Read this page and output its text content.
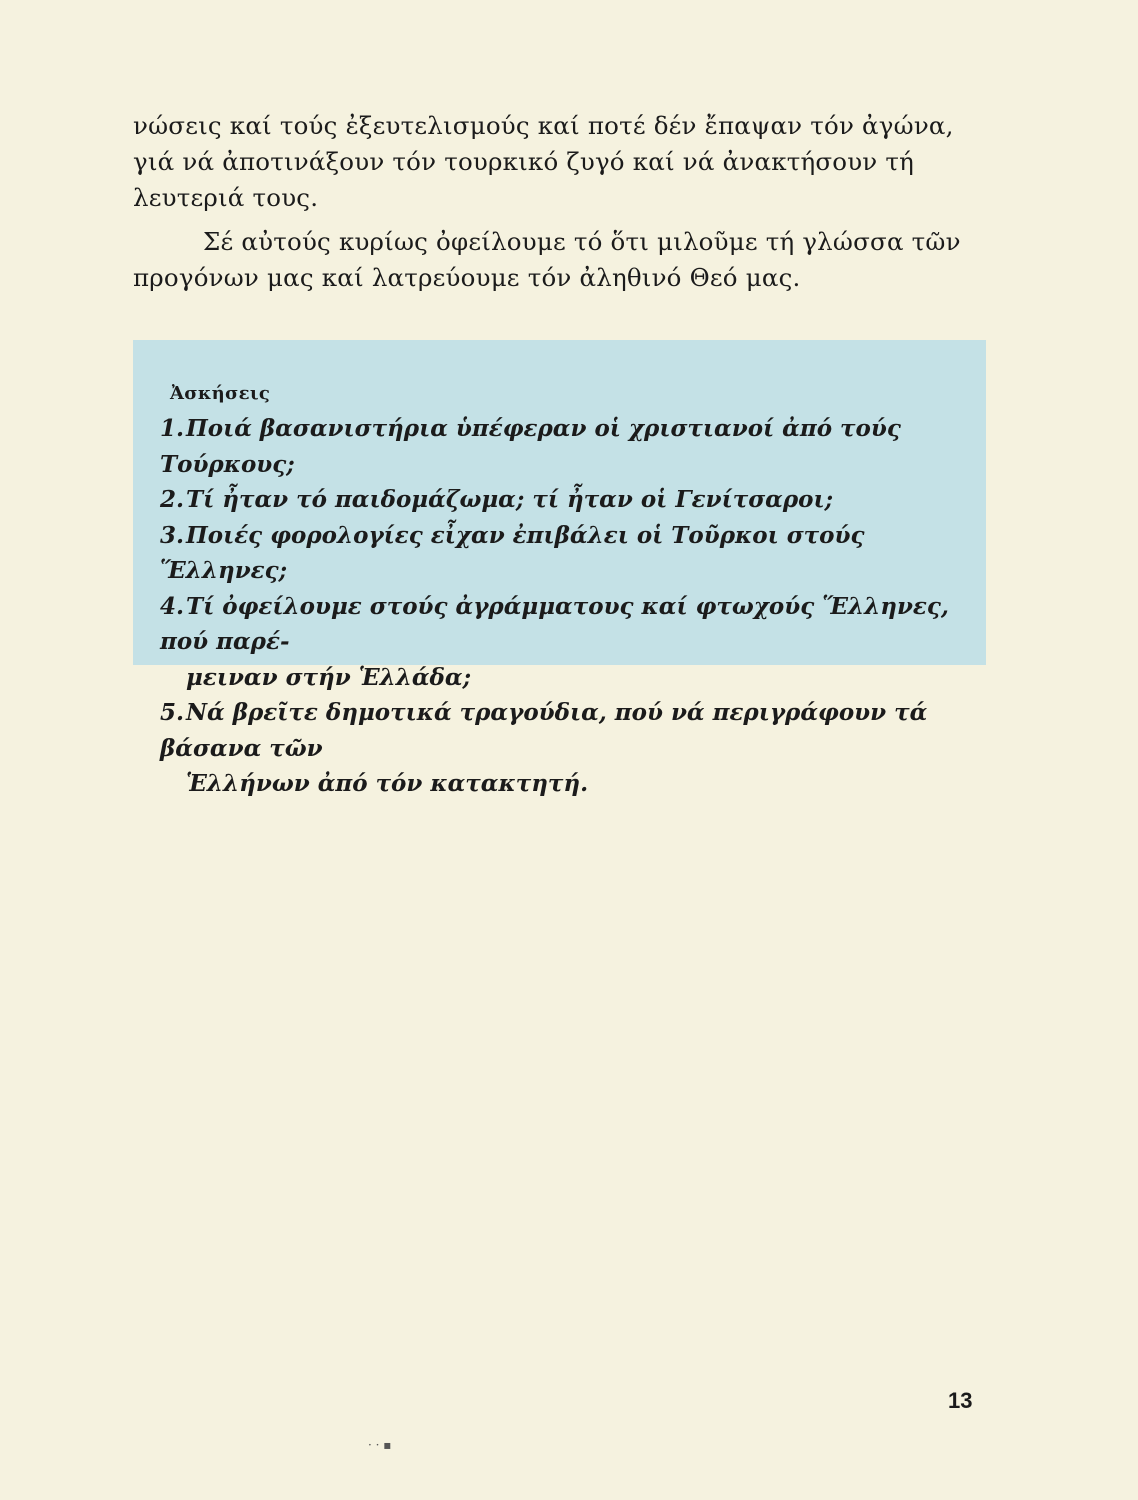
νώσεις καί τούς ἐξευτελισμούς καί ποτέ δέν ἔπαψαν τόν ἀγώνα, γιά νά ἀποτινάξουν τόν τουρκικό ζυγό καί νά ἀνακτήσουν τή λευτεριά τους.

Σέ αὐτούς κυρίως ὀφείλουμε τό ὅτι μιλοῦμε τή γλώσσα τῶν προγόνων μας καί λατρεύουμε τόν ἀληθινό Θεό μας.

Ἀσκήσεις
1.Ποιά βασανιστήρια ὑπέφεραν οἱ χριστιανοί ἀπό τούς Τούρκους;
2.Τί ἦταν τό παιδομάζωμα; τί ἦταν οἱ Γενίτσαροι;
3.Ποιές φορολογίες εἶχαν ἐπιβάλει οἱ Τοῦρκοι στούς Ἕλληνες;
4.Τί ὀφείλουμε στούς ἀγράμματους καί φτωχούς Ἕλληνες, πού παρέ-
μειναν στήν Ἑλλάδα;
5.Νά βρεῖτε δημοτικά τραγούδια, πού νά περιγράφουν τά βάσανα τῶν
Ἑλλήνων ἀπό τόν κατακτητή.
13
· · ▪
